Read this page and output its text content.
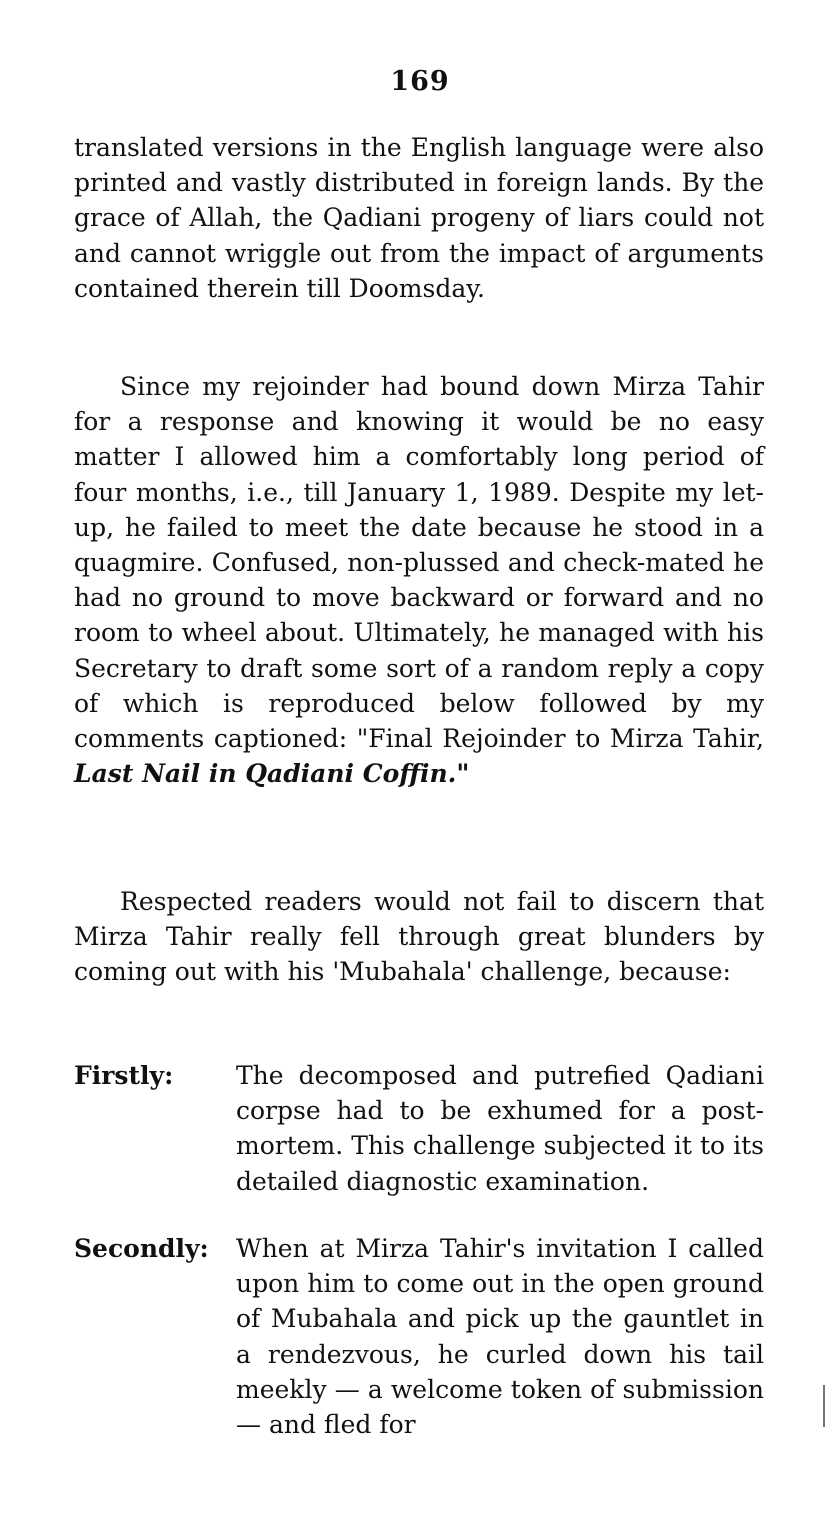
169
translated versions in the English language were also printed and vastly distributed in foreign lands. By the grace of Allah, the Qadiani progeny of liars could not and cannot wriggle out from the impact of arguments contained therein till Doomsday.
Since my rejoinder had bound down Mirza Tahir for a response and knowing it would be no easy matter I allowed him a comfortably long period of four months, i.e., till January 1, 1989. Despite my let-up, he failed to meet the date because he stood in a quagmire. Confused, non-plussed and check-mated he had no ground to move backward or forward and no room to wheel about. Ultimately, he managed with his Secretary to draft some sort of a random reply a copy of which is reproduced below followed by my comments captioned: "Final Rejoinder to Mirza Tahir, Last Nail in Qadiani Coffin."
Respected readers would not fail to discern that Mirza Tahir really fell through great blunders by coming out with his 'Mubahala' challenge, because:
Firstly:	The decomposed and putrefied Qadiani corpse had to be exhumed for a post-mortem. This challenge subjected it to its detailed diagnostic examination.
Secondly:	When at Mirza Tahir's invitation I called upon him to come out in the open ground of Mubahala and pick up the gauntlet in a rendezvous, he curled down his tail meekly — a welcome token of submission — and fled for
